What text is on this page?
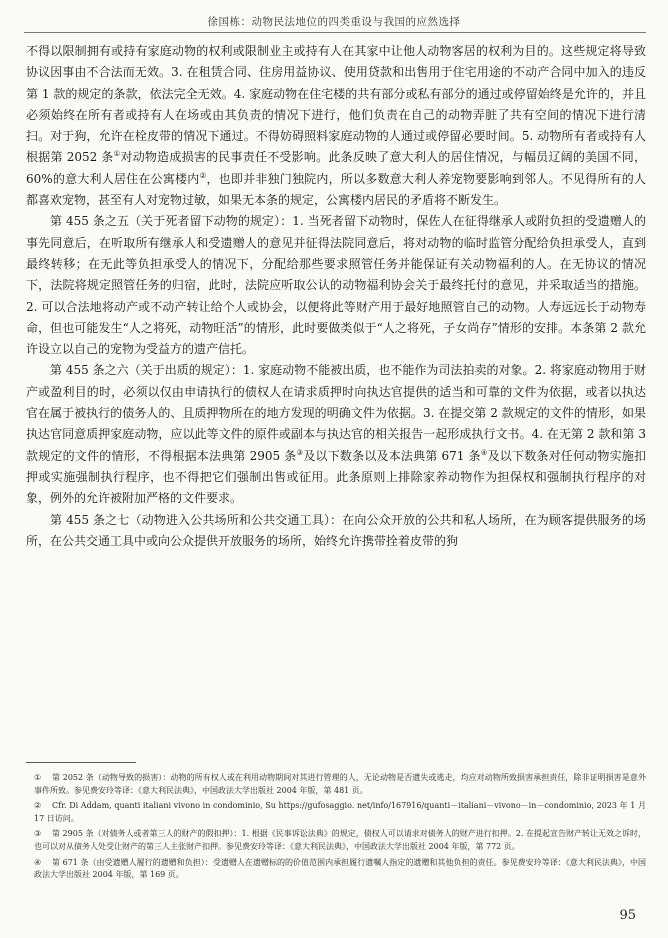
徐国栋：动物民法地位的四类重设与我国的应然选择

不得以限制拥有或持有家庭动物的权利或限制业主或持有人在其家中让他人动物客居的权利为目的。这些规定将导致协议因事由不合法而无效。3. 在租赁合同、住房用益协议、使用贷款和出售用于住宅用途的不动产合同中加入的违反第 1 款的规定的条款，依法完全无效。4. 家庭动物在住宅楼的共有部分或私有部分的通过或停留始终是允许的，并且必须始终在所有者或持有人在场或由其负责的情况下进行，他们负责在自己的动物弄脏了共有空间的情况下进行清扫。对于狗，允许在栓皮带的情况下通过。不得妨碍照料家庭动物的人通过或停留必要时间。5. 动物所有者或持有人根据第 2052 条①对动物造成损害的民事责任不受影响。此条反映了意大利人的居住情况，与幅员辽阔的美国不同，60%的意大利人居住在公寓楼内②，也即并非独门独院内，所以多数意大利人养宠物要影响到邻人。不见得所有的人都喜欢宠物，甚至有人对宠物过敏，如果无本条的规定，公寓楼内居民的矛盾将不断发生。

第 455 条之五（关于死者留下动物的规定）：1. 当死者留下动物时，保佐人在征得继承人或附负担的受遗赠人的事先同意后，在听取所有继承人和受遗赠人的意见并征得法院同意后，将对动物的临时监管分配给负担承受人，直到最终转移；在无此等负担承受人的情况下，分配给那些要求照管任务并能保证有关动物福利的人。在无协议的情况下，法院将规定照管任务的归宿，此时，法院应听取公认的动物福利协会关于最终托付的意见，并采取适当的措施。2. 可以合法地将动产或不动产转让给个人或协会，以便将此等财产用于最好地照管自己的动物。人寿远远长于动物寿命，但也可能发生“人之将死，动物旺活”的情形，此时要做类似于“人之将死，子女尚存”情形的安排。本条第 2 款允许设立以自己的宠物为受益方的遗产信托。

第 455 条之六（关于出质的规定）：1. 家庭动物不能被出质，也不能作为司法拍卖的对象。2. 将家庭动物用于财产或盈利目的时，必须以仅由申请执行的债权人在请求质押时向执达官提供的适当和可靠的文件为依据，或者以执达官在属于被执行的债务人的、且质押物所在的地方发现的明确文件为依据。3. 在提交第 2 款规定的文件的情形，如果执达官同意质押家庭动物，应以此等文件的原件或副本与执达官的相关报告一起形成执行文书。4. 在无第 2 款和第 3 款规定的文件的情形，不得根据本法典第 2905 条③及以下数条以及本法典第 671 条④及以下数条对任何动物实施扣押或实施强制执行程序，也不得把它们强制出售或征用。此条原则上排除家养动物作为担保权和强制执行程序的对象，例外的允许被附加严格的文件要求。

第 455 条之七（动物进入公共场所和公共交通工具）：在向公众开放的公共和私人场所，在为顾客提供服务的场所，在公共交通工具中或向公众提供开放服务的场所，始终允许携带拴着皮带的狗

① 第 2052 条（动物导致的损害）：动物的所有权人或在利用动物期间对其进行管理的人，无论动物是否遗失或逃走，均应对动物所致损害承担责任，除非证明损害是意外事件所致。参见费安玲等译：《意大利民法典》，中国政法大学出版社 2004 年版，第 481 页。
② Cfr. Di Addam, quanti italiani vivono in condominio, Su https://gufosaggio. net/info/167916/quanti－italiani－vivono－in－condominio, 2023 年 1 月 17 日访问。
③ 第 2905 条（对债务人或者第三人的财产的假扣押）：1. 根据《民事诉讼法典》的规定，债权人可以请求对债务人的财产进行扣押。2. 在提起宣告财产转让无效之诉时，也可以对从债务人处受让财产的第三人主张财产扣押。参见费安玲等译：《意大利民法典》，中国政法大学出版社 2004 年版，第 772 页。
④ 第 671 条（由受遗赠人履行的遗赠和负担）：受遗赠人在遗赠标的的价值范围内承担履行遗嘱人指定的遗赠和其他负担的责任。参见费安玲等译：《意大利民法典》，中国政法大学出版社 2004 年版，第 169 页。
95
